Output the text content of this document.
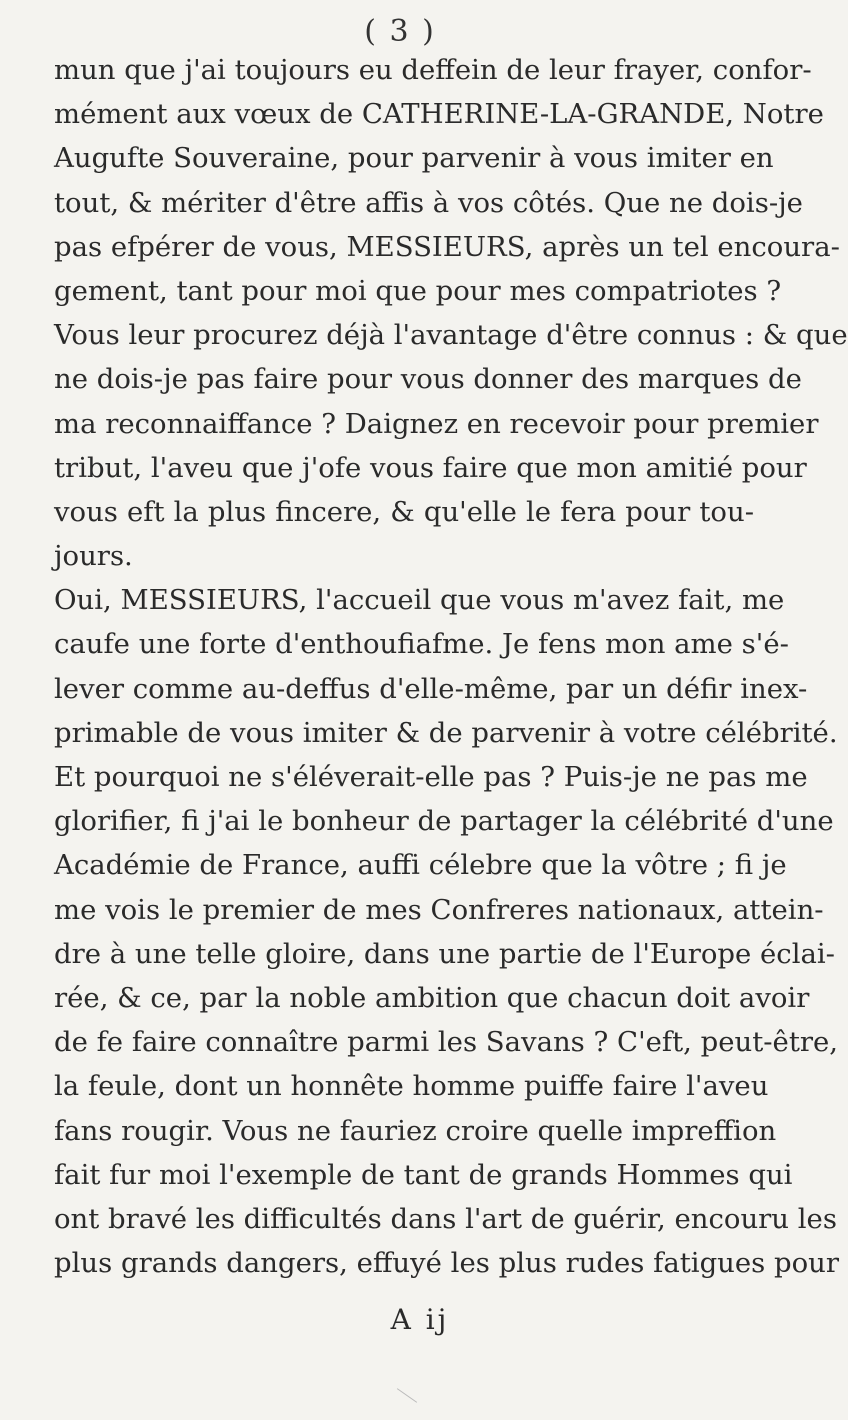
( 3 )
mun que j'ai toujours eu deffein de leur frayer, confor-
mément aux vœux de CATHERINE-LA-GRANDE, Notre
Augufte Souveraine, pour parvenir à vous imiter en
tout, & mériter d'être affis à vos côtés. Que ne dois-je
pas efpérer de vous, MESSIEURS, après un tel encoura-
gement, tant pour moi que pour mes compatriotes ?
Vous leur procurez déjà l'avantage d'être connus : & que
ne dois-je pas faire pour vous donner des marques de
ma reconnaiffance ? Daignez en recevoir pour premier
tribut, l'aveu que j'ofe vous faire que mon amitié pour
vous eft la plus fincere, & qu'elle le fera pour tou-
jours.
Oui, MESSIEURS, l'accueil que vous m'avez fait, me
caufe une forte d'enthoufiafme. Je fens mon ame s'é-
lever comme au-deffus d'elle-même, par un défir inex-
primable de vous imiter & de parvenir à votre célébrité.
Et pourquoi ne s'éléverait-elle pas ? Puis-je ne pas me
glorifier, fi j'ai le bonheur de partager la célébrité d'une
Académie de France, auffi célebre que la vôtre ; fi je
me vois le premier de mes Confreres nationaux, attein-
dre à une telle gloire, dans une partie de l'Europe éclai-
rée, & ce, par la noble ambition que chacun doit avoir
de fe faire connaître parmi les Savans ? C'eft, peut-être,
la feule, dont un honnête homme puiffe faire l'aveu
fans rougir. Vous ne fauriez croire quelle impreffion
fait fur moi l'exemple de tant de grands Hommes qui
ont bravé les difficultés dans l'art de guérir, encouru les
plus grands dangers, effuyé les plus rudes fatigues pour
A ij
